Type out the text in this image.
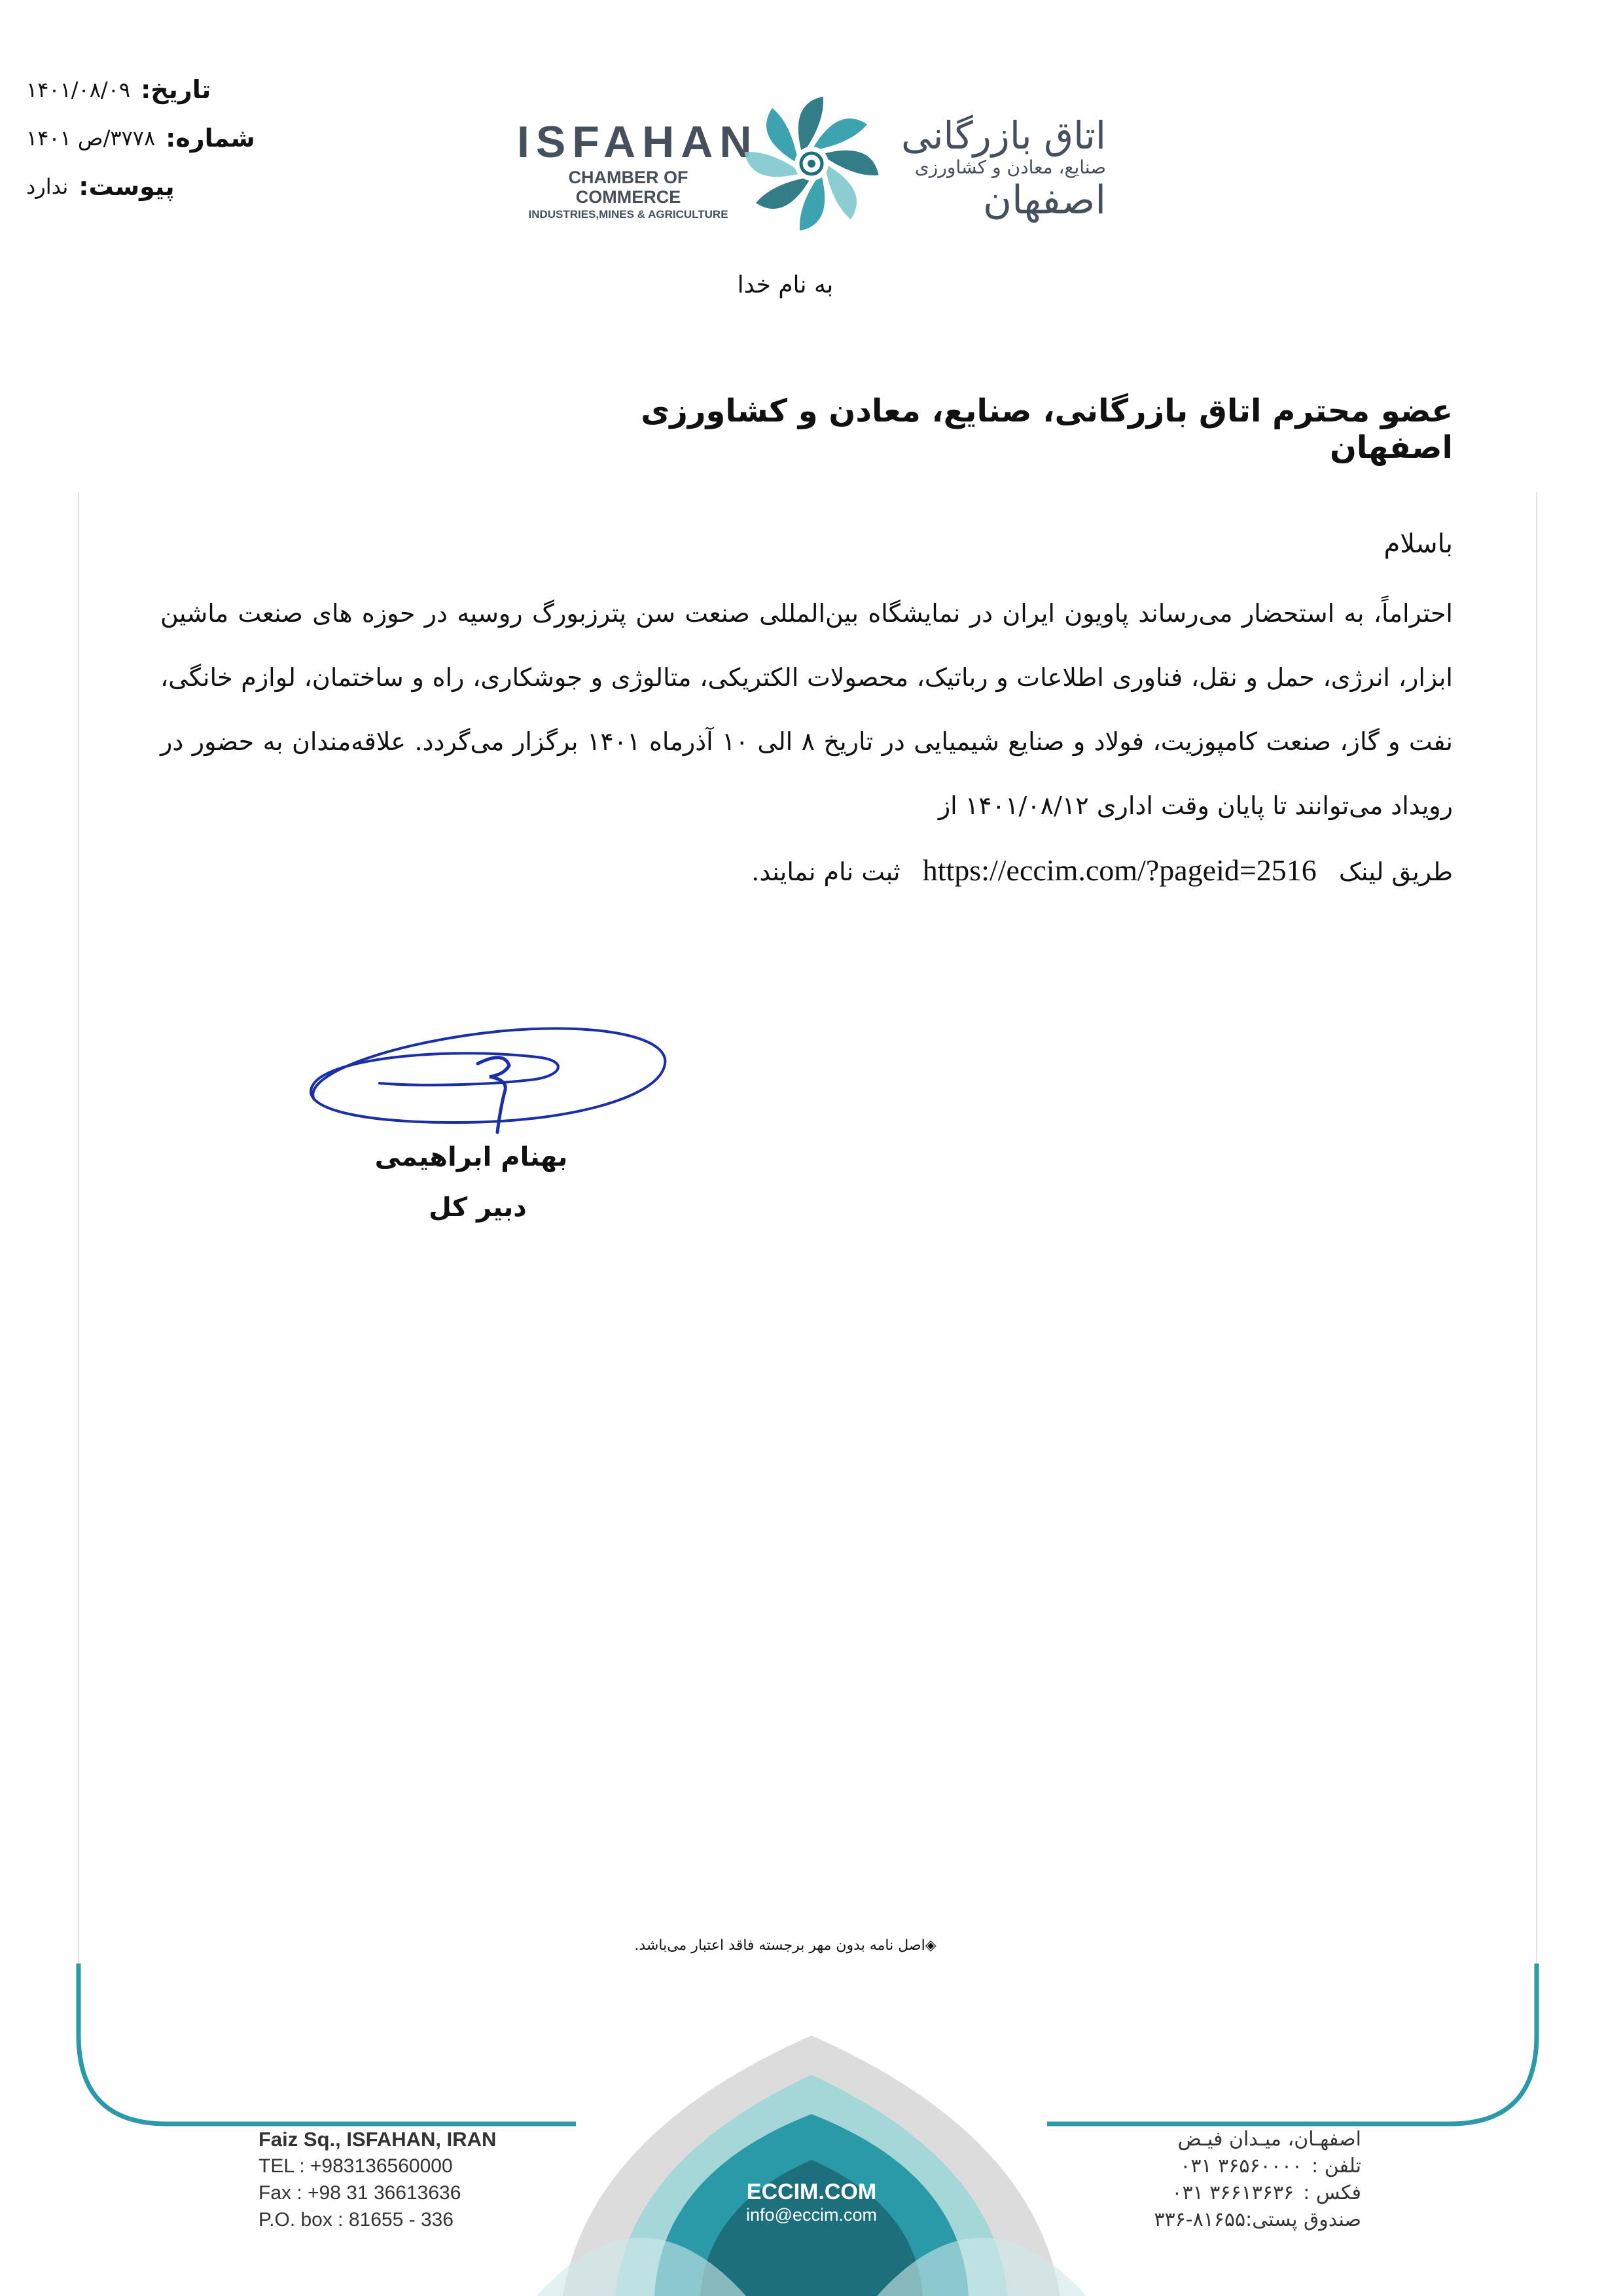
تاریخ:
۱۴۰۱/۰۸/۰۹
شماره:
۳۷۷۸/ص ۱۴۰۱
پیوست:
ندارد
ISFAHAN
CHAMBER OF COMMERCE
INDUSTRIES,MINES & AGRICULTURE
اتاق بازرگانی
صنایع، معادن و کشاورزی
اصفهان
به نام خدا
عضو محترم اتاق بازرگانی، صنایع، معادن و کشاورزی اصفهان
باسلام
احتراماً، به استحضار می‌رساند پاویون ایران در نمایشگاه بین‌المللی صنعت سن پترزبورگ روسیه در حوزه های صنعت ماشین ابزار، انرژی، حمل و نقل، فناوری اطلاعات و رباتیک، محصولات الکتریکی، متالوژی و جوشکاری، راه و ساختمان، لوازم خانگی، نفت و گاز، صنعت کامپوزیت، فولاد و صنایع شیمیایی در تاریخ ۸ الی ۱۰ آذرماه ۱۴۰۱ برگزار می‌گردد. علاقه‌مندان به حضور در رویداد می‌توانند تا پایان وقت اداری ۱۴۰۱/۰۸/۱۲ از
طریق لینک https://eccim.com/?pageid=2516 ثبت نام نمایند.
بهنام ابراهیمی
دبیر کل
◈اصل نامه بدون مهر برجسته فاقد اعتبار می‌باشد.
Faiz Sq., ISFAHAN, IRAN
TEL : +983136560000
Fax : +98 31 36613636
P.O. box : 81655 - 336
ECCIM.COM
info@eccim.com
اصفهـان، میـدان فیـض
تلفن :۰۳۱ ۳۶۵۶۰۰۰۰
فکس :۰۳۱ ۳۶۶۱۳۶۳۶
صندوق پستی:۸۱۶۵۵-۳۳۶
